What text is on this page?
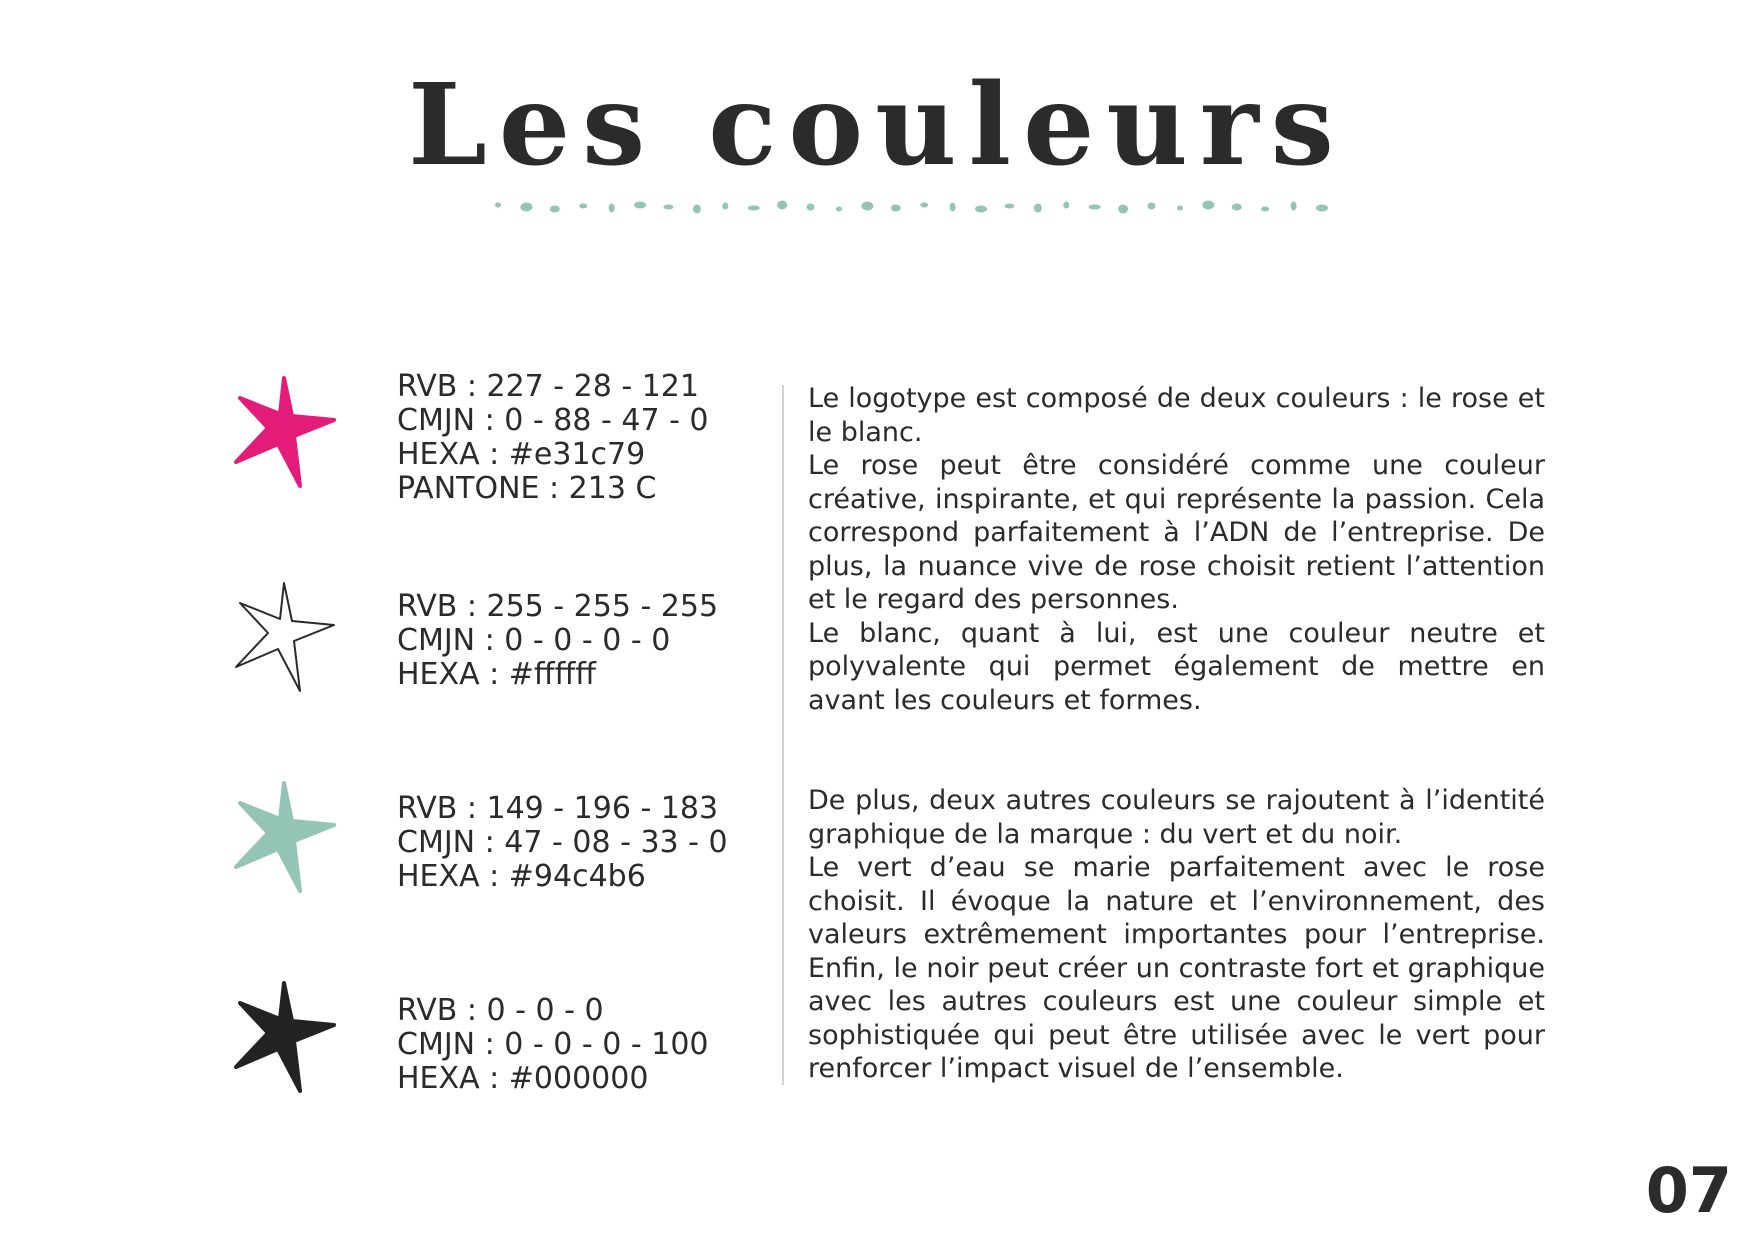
Les couleurs
RVB : 227 - 28 - 121
CMJN : 0 - 88 - 47 - 0
HEXA : #e31c79
PANTONE : 213 C
RVB : 255 - 255 - 255
CMJN : 0 - 0 - 0 - 0
HEXA : #ffffff
RVB : 149 - 196 - 183
CMJN : 47 - 08 - 33 - 0
HEXA : #94c4b6
RVB : 0 - 0 - 0
CMJN : 0 - 0 - 0 - 100
HEXA : #000000

Le logotype est composé de deux couleurs : le rose et le blanc.

Le rose peut être considéré comme une couleur créative, inspirante, et qui représente la passion. Cela correspond parfaitement à l’ADN de l’entreprise. De plus, la nuance vive de rose choisit retient l’attention et le regard des personnes.

Le blanc, quant à lui, est une couleur neutre et polyvalente qui permet également de mettre en avant les couleurs et formes.

De plus, deux autres couleurs se rajoutent à l’identité graphique de la marque : du vert et du noir.

Le vert d’eau se marie parfaitement avec le rose choisit. Il évoque la nature et l’environnement, des valeurs extrêmement importantes pour l’entreprise. Enfin, le noir peut créer un contraste fort et graphique avec les autres couleurs est une couleur simple et sophistiquée qui peut être utilisée avec le vert pour renforcer l’impact visuel de l’ensemble.

07
